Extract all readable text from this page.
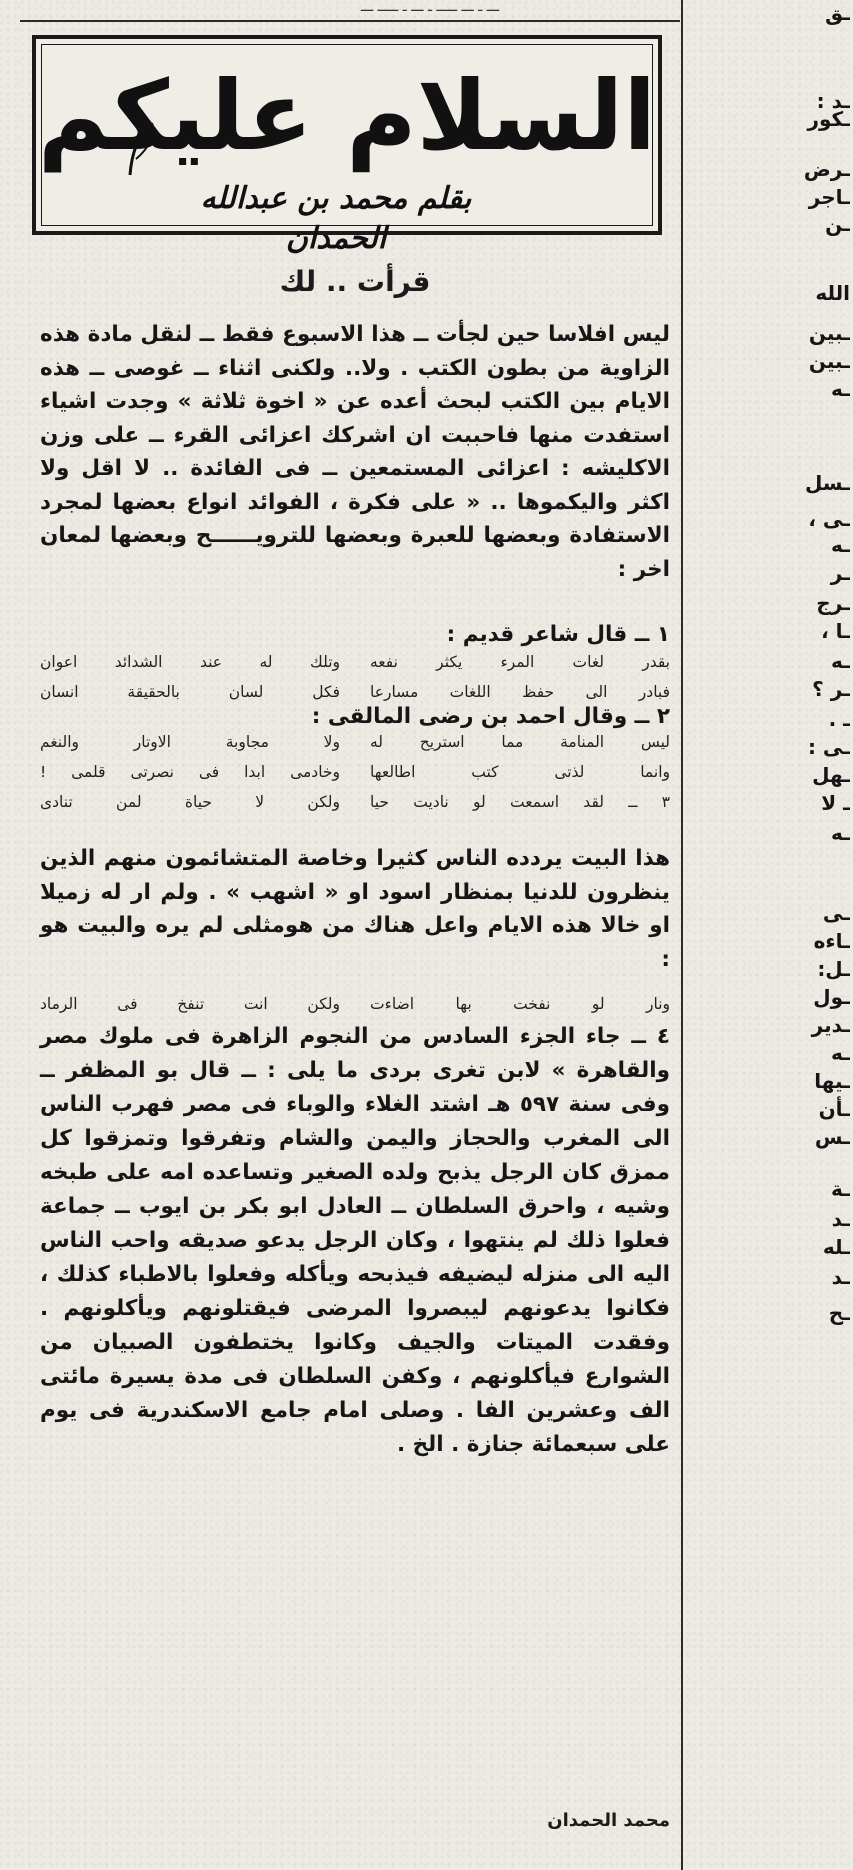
ـــ ـ ـــ ـــــ ـ ـــ ـ ـــــ ـــ	ـق
ـد :
ـكور
ـرض
ـاجر
ـن
الله
ـبين
ـبين
ـه
ـسل
ـى ،
ـه
ـر
ـرج
ـا ،
ـه
ـر ؟
ـ .
ـى :
ـهل
ـ لا
ـه
ـى
ـاءه
ـل:
ـول
ـدير
ـه
ـيها
ـأن
ـس
ـة
ـد
ـله
ـد
ـح
السلام عليكم
بقلم محمد بن عبدالله الحمدان
قرأت .. لك
ليس افلاسا حين لجأت ــ هذا الاسبوع فقط ــ لنقل مادة هذه الزاوية من بطون الكتب . ولا.. ولكنى اثناء ــ غوصى ــ هذه الايام بين الكتب لبحث أعده عن « اخوة ثلاثة » وجدت اشياء استفدت منها فاحببت ان اشركك اعزائى القرء ــ على وزن الاكليشه : اعزائى المستمعين ــ فى الفائدة .. لا اقل ولا اكثر واليكموها .. « على فكرة ، الفوائد انواع بعضها لمجرد الاستفادة وبعضها للعبرة وبعضها للترويــــــح وبعضها لمعان اخر :
١ ــ قال شاعر قديم :
بقدر لغات المرء يكثر نفعه
وتلك له عند الشدائد اعوان
فبادر الى حفظ اللغات مسارعا
فكل لسان بالحقيقة انسان
٢ ــ وقال احمد بن رضى المالقى :
ليس المنامة مما استريح له
ولا مجاوبة الاوتار والنغم
وانما لذتى كتب اطالعها
وخادمى ابدا فى نصرتى قلمى !
٣ ــ لقد اسمعت لو ناديت حيا
ولكن لا حياة لمن تنادى
هذا البيت يردده الناس كثيرا وخاصة المتشائمون منهم الذين ينظرون للدنيا بمنظار اسود او « اشهب » . ولم ار له زميلا او خالا هذه الايام واعل هناك من هومثلى لم يره والبيت هو :
ونار لو نفخت بها اضاءت
ولكن انت تنفخ فى الرماد
٤ ــ جاء الجزء السادس من النجوم الزاهرة فى ملوك مصر والقاهرة » لابن تغرى بردى ما يلى : ــ قال بو المظفر ــ وفى سنة ٥٩٧ هـ اشتد الغلاء والوباء فى مصر فهرب الناس الى المغرب والحجاز واليمن والشام وتفرقوا وتمزقوا كل ممزق كان الرجل يذبح ولده الصغير وتساعده امه على طبخه وشيه ، واحرق السلطان ــ العادل ابو بكر بن ايوب ــ جماعة فعلوا ذلك لم ينتهوا ، وكان الرجل يدعو صديقه واحب الناس اليه الى منزله ليضيفه فيذبحه ويأكله وفعلوا بالاطباء كذلك ، فكانوا يدعونهم ليبصروا المرضى فيقتلونهم ويأكلونهم . وفقدت الميتات والجيف وكانوا يختطفون الصبيان من الشوارع فيأكلونهم ، وكفن السلطان فى مدة يسيرة مائتى الف وعشرين الفا . وصلى امام جامع الاسكندرية فى يوم على سبعمائة جنازة . الخ .
محمد الحمدان
